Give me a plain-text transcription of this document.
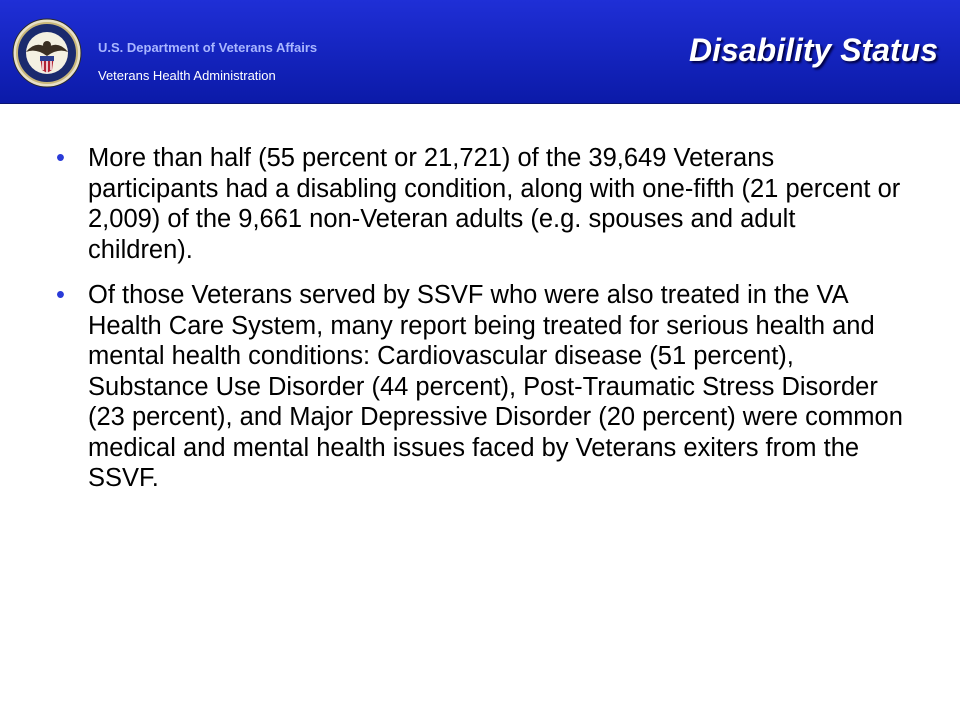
U.S. Department of Veterans Affairs
Veterans Health Administration
Disability Status
• More than half (55 percent or 21,721) of the 39,649 Veterans participants had a disabling condition, along with one-fifth (21 percent or 2,009) of the 9,661 non-Veteran adults (e.g. spouses and adult children).
• Of those Veterans served by SSVF who were also treated in the VA Health Care System, many report being treated for serious health and mental health conditions: Cardiovascular disease (51 percent), Substance Use Disorder (44 percent), Post-Traumatic Stress Disorder (23 percent), and Major Depressive Disorder (20 percent) were common medical and mental health issues faced by Veterans exiters from the SSVF.
